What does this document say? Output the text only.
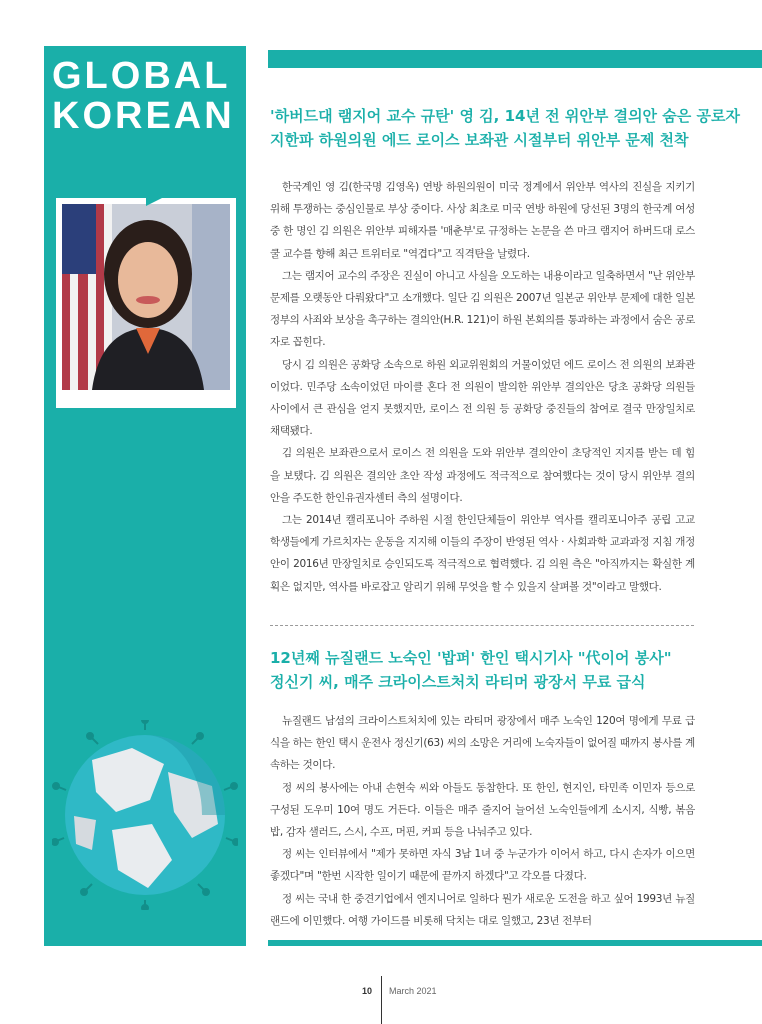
GLOBAL
KOREAN	'하버드대 램지어 교수 규탄' 영 김, 14년 전 위안부 결의안 숨은 공로자
지한파 하원의원 에드 로이스 보좌관 시절부터 위안부 문제 천착

한국계인 영 김(한국명 김영옥) 연방 하원의원이 미국 정계에서 위안부 역사의 진실을 지키기 위해 투쟁하는 중심인물로 부상 중이다. 사상 최초로 미국 연방 하원에 당선된 3명의 한국계 여성 중 한 명인 김 의원은 위안부 피해자를 '매춘부'로 규정하는 논문을 쓴 마크 램지어 하버드대 로스쿨 교수를 향해 최근 트위터로 "역겹다"고 직격탄을 날렸다.

그는 램지어 교수의 주장은 진실이 아니고 사실을 오도하는 내용이라고 일축하면서 "난 위안부 문제를 오랫동안 다뤄왔다"고 소개했다. 일단 김 의원은 2007년 일본군 위안부 문제에 대한 일본 정부의 사죄와 보상을 촉구하는 결의안(H.R. 121)이 하원 본회의를 통과하는 과정에서 숨은 공로자로 꼽힌다.

당시 김 의원은 공화당 소속으로 하원 외교위원회의 거물이었던 에드 로이스 전 의원의 보좌관이었다. 민주당 소속이었던 마이클 혼다 전 의원이 발의한 위안부 결의안은 당초 공화당 의원들 사이에서 큰 관심을 얻지 못했지만, 로이스 전 의원 등 공화당 중진들의 참여로 결국 만장일치로 채택됐다.

김 의원은 보좌관으로서 로이스 전 의원을 도와 위안부 결의안이 초당적인 지지를 받는 데 힘을 보탰다. 김 의원은 결의안 초안 작성 과정에도 적극적으로 참여했다는 것이 당시 위안부 결의안을 주도한 한인유권자센터 측의 설명이다.

그는 2014년 캘리포니아 주하원 시절 한인단체들이 위안부 역사를 캘리포니아주 공립 고교 학생들에게 가르치자는 운동을 지지해 이들의 주장이 반영된 역사 · 사회과학 교과과정 지침 개정안이 2016년 만장일치로 승인되도록 적극적으로 협력했다. 김 의원 측은 "아직까지는 확실한 계획은 없지만, 역사를 바로잡고 알리기 위해 무엇을 할 수 있을지 살펴볼 것"이라고 말했다.

12년째 뉴질랜드 노숙인 '밥퍼' 한인 택시기사 "代이어 봉사"
정신기 씨, 매주 크라이스트처치 라티머 광장서 무료 급식

뉴질랜드 남섬의 크라이스트처치에 있는 라티머 광장에서 매주 노숙인 120여 명에게 무료 급식을 하는 한인 택시 운전사 정신기(63) 씨의 소망은 거리에 노숙자들이 없어질 때까지 봉사를 계속하는 것이다.

정 씨의 봉사에는 아내 손현숙 씨와 아들도 동참한다. 또 한인, 현지인, 타민족 이민자 등으로 구성된 도우미 10여 명도 거든다. 이들은 매주 줄지어 늘어선 노숙인들에게 소시지, 식빵, 볶음밥, 감자 샐러드, 스시, 수프, 머핀, 커피 등을 나눠주고 있다.

정 씨는 인터뷰에서 "제가 못하면 자식 3남 1녀 중 누군가가 이어서 하고, 다시 손자가 이으면 좋겠다"며 "한번 시작한 일이기 때문에 끝까지 하겠다"고 각오를 다졌다.

정 씨는 국내 한 중견기업에서 엔지니어로 일하다 뭔가 새로운 도전을 하고 싶어 1993년 뉴질랜드에 이민했다. 여행 가이드를 비롯해 닥치는 대로 일했고, 23년 전부터

10 March 2021
